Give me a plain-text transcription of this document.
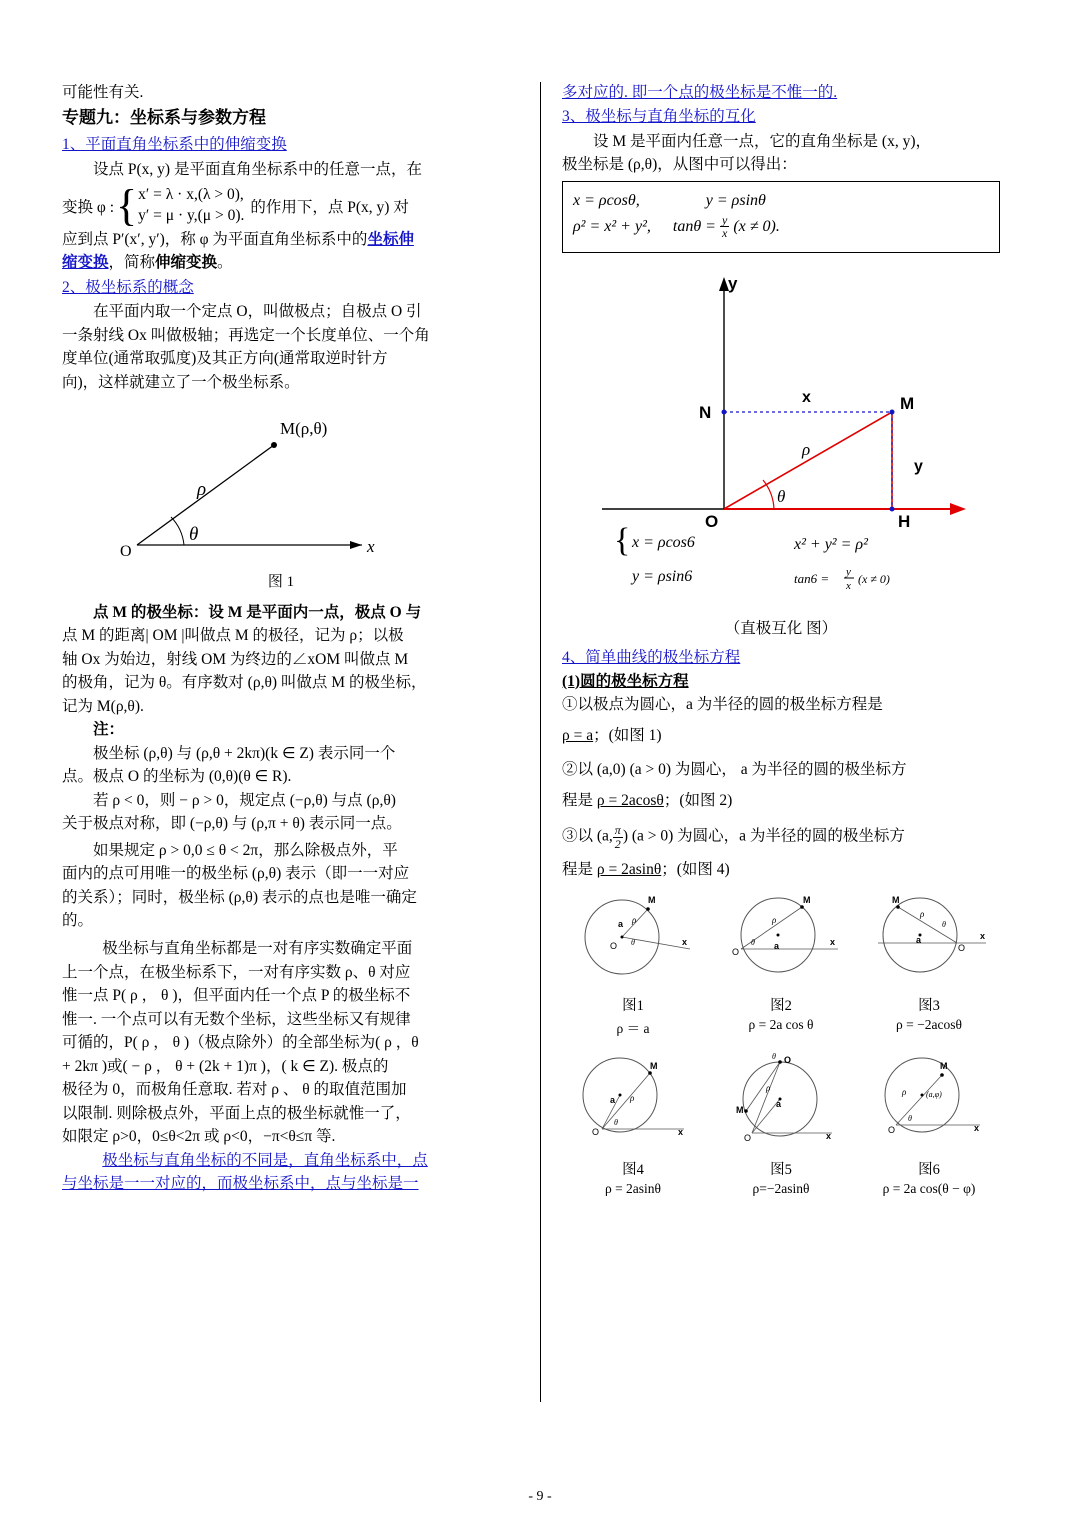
可能性有关.

专题九：坐标系与参数方程

1、平面直角坐标系中的伸缩变换

设点 P(x, y) 是平面直角坐标系中的任意一点，在

变换 φ : { x′ = λ · x,(λ > 0),
y′ = μ · y,(μ > 0). 的作用下，点 P(x, y) 对

应到点 P′(x′, y′)，称 φ 为平面直角坐标系中的坐标伸

缩变换，简称伸缩变换。

2、极坐标系的概念

在平面内取一个定点 O，叫做极点；自极点 O 引

一条射线 Ox 叫做极轴；再选定一个长度单位、一个角

度单位(通常取弧度)及其正方向(通常取逆时针方

向)，这样就建立了一个极坐标系。

M(ρ,θ)
ρ
θ
O	x

图 1

点 M 的极坐标：设 M 是平面内一点，极点 O 与

点 M 的距离| OM |叫做点 M 的极径，记为 ρ；以极

轴 Ox 为始边，射线 OM 为终边的∠xOM 叫做点 M

的极角，记为 θ。有序数对 (ρ,θ) 叫做点 M 的极坐标，

记为 M(ρ,θ).

注：

极坐标 (ρ,θ) 与 (ρ,θ + 2kπ)(k ∈ Z) 表示同一个

点。极点 O 的坐标为 (0,θ)(θ ∈ R).

若 ρ < 0，则 − ρ > 0，规定点 (−ρ,θ) 与点 (ρ,θ)

关于极点对称，即 (−ρ,θ) 与 (ρ,π + θ) 表示同一点。

如果规定 ρ > 0,0 ≤ θ < 2π，那么除极点外，平

面内的点可用唯一的极坐标 (ρ,θ) 表示（即一一对应

的关系）；同时，极坐标 (ρ,θ) 表示的点也是唯一确定

的。

极坐标与直角坐标都是一对有序实数确定平面

上一个点，在极坐标系下，一对有序实数 ρ、θ 对应

惟一点 P( ρ ， θ )，但平面内任一个点 P 的极坐标不

惟一. 一个点可以有无数个坐标，这些坐标又有规律

可循的，P( ρ ， θ )（极点除外）的全部坐标为( ρ ，θ

+ 2kπ )或( − ρ ， θ + (2k + 1)π )，( k ∈ Z). 极点的

极径为 0，而极角任意取. 若对 ρ 、 θ 的取值范围加

以限制. 则除极点外，平面上点的极坐标就惟一了，

如限定 ρ>0，0≤θ<2π 或 ρ<0，−π<θ≤π 等.

极坐标与直角坐标的不同是，直角坐标系中，点

与坐标是一一对应的，而极坐标系中，点与坐标是一

多对应的. 即一个点的极坐标是不惟一的.

3、极坐标与直角坐标的互化

设 M 是平面内任意一点，它的直角坐标是 (x, y)，

极坐标是 (ρ,θ)，从图中可以得出：

x = ρcosθ,	y = ρsinθ
ρ² = x² + y², $\tan\theta = \frac{y}{x} (x \ne 0)$.
y
x
N	M
O	H
y
ρ
θ
{ x = ρcos6
y = ρsin6
x² + y² = ρ²
tan6 = y
x (x ≠ 0)

（直极互化 图）

4、简单曲线的极坐标方程

(1)圆的极坐标方程

①以极点为圆心，a 为半径的圆的极坐标方程是

ρ = a；(如图 1)

②以 (a,0) (a > 0) 为圆心， a 为半径的圆的极坐标方

程是 ρ = 2acosθ；(如图 2)

③以 (a, $\frac{\pi}{2}$ ) (a > 0) 为圆心，a 为半径的圆的极坐标方

程是 ρ = 2asinθ；(如图 4)

M
a ρ
θ
O	x
图1
ρ ＝ a
M
a
ρ
θ
O
x
图2
ρ = 2a cos θ
M
a
ρ
θ
O
x
图3
ρ = −2acosθ
M
a ρ
θ
O	x
图4
ρ = 2asinθ
O
θ
M
a
ρ
O	x
图5
ρ=−2asinθ
M
(a,φ)
ρ
θ
O	x
图6
ρ = 2a cos(θ − φ)
- 9 -
